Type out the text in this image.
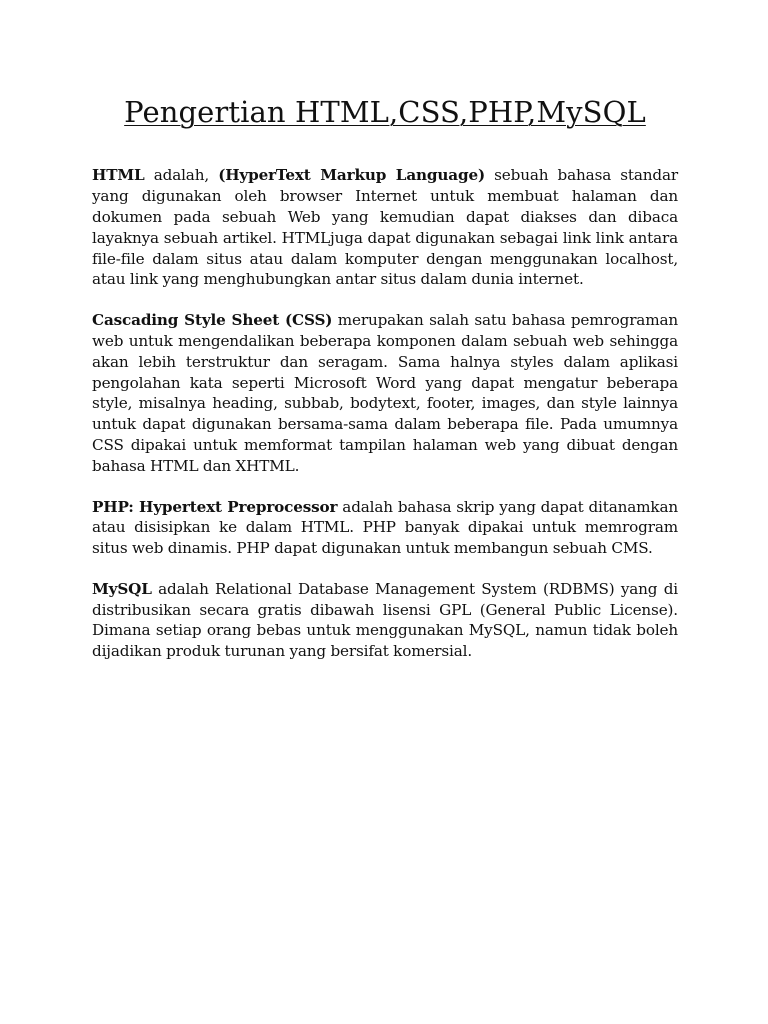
Pengertian HTML,CSS,PHP,MySQL

HTML adalah, (HyperText Markup Language) sebuah bahasa standar yang digunakan oleh browser Internet untuk membuat halaman dan dokumen pada sebuah Web yang kemudian dapat diakses dan dibaca layaknya sebuah artikel. HTMLjuga dapat digunakan sebagai link link antara file-file dalam situs atau dalam komputer dengan menggunakan localhost, atau link yang menghubungkan antar situs dalam dunia internet.

Cascading Style Sheet (CSS) merupakan salah satu bahasa pemrograman web untuk mengendalikan beberapa komponen dalam sebuah web sehingga akan lebih terstruktur dan seragam. Sama halnya styles dalam aplikasi pengolahan kata seperti Microsoft Word yang dapat mengatur beberapa style, misalnya heading, subbab, bodytext, footer, images, dan style lainnya untuk dapat digunakan bersama-sama dalam beberapa file. Pada umumnya CSS dipakai untuk memformat tampilan halaman web yang dibuat dengan bahasa HTML dan XHTML.

PHP: Hypertext Preprocessor adalah bahasa skrip yang dapat ditanamkan atau disisipkan ke dalam HTML. PHP banyak dipakai untuk memrogram situs web dinamis. PHP dapat digunakan untuk membangun sebuah CMS.

MySQL adalah Relational Database Management System (RDBMS) yang di distribusikan secara gratis dibawah lisensi GPL (General Public License). Dimana setiap orang bebas untuk menggunakan MySQL, namun tidak boleh dijadikan produk turunan yang bersifat komersial.
